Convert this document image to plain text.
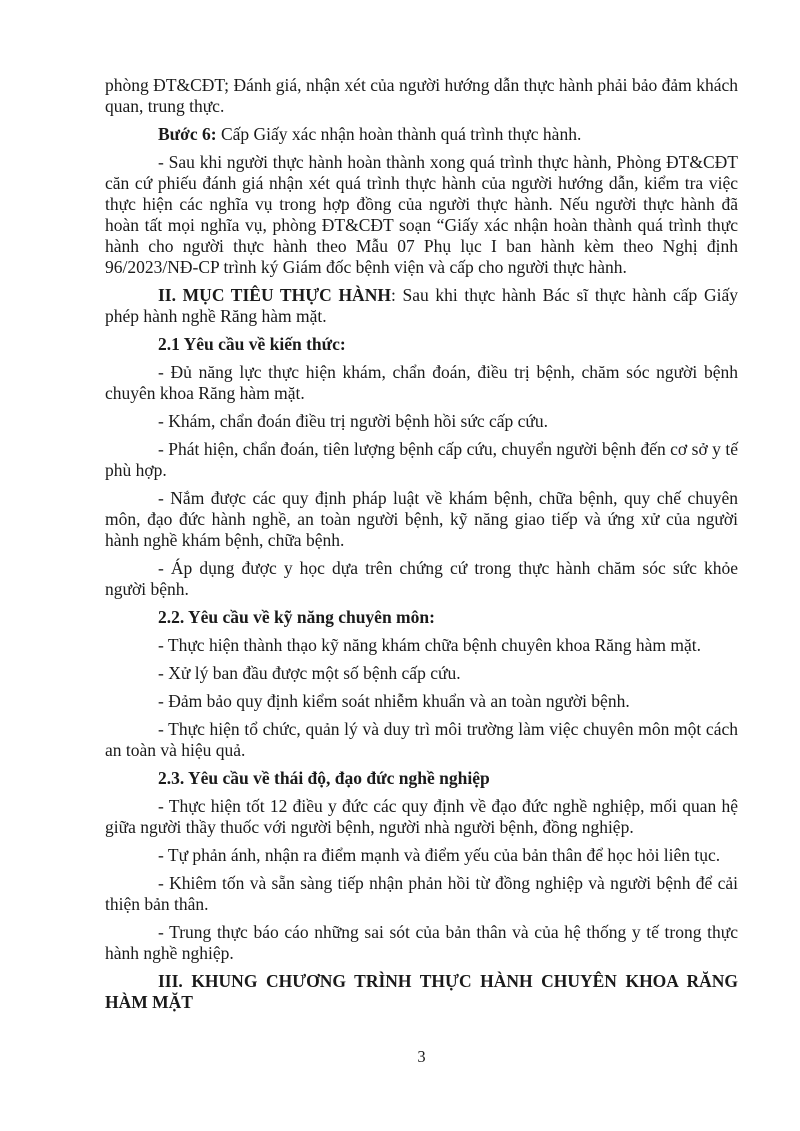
phòng ĐT&CĐT; Đánh giá, nhận xét của người hướng dẫn thực hành phải bảo đảm khách quan, trung thực.

Bước 6: Cấp Giấy xác nhận hoàn thành quá trình thực hành.

- Sau khi người thực hành hoàn thành xong quá trình thực hành, Phòng ĐT&CĐT căn cứ phiếu đánh giá nhận xét quá trình thực hành của người hướng dẫn, kiểm tra việc thực hiện các nghĩa vụ trong hợp đồng của người thực hành. Nếu người thực hành đã hoàn tất mọi nghĩa vụ, phòng ĐT&CĐT soạn “Giấy xác nhận hoàn thành quá trình thực hành cho người thực hành theo Mẫu 07 Phụ lục I ban hành kèm theo Nghị định 96/2023/NĐ-CP trình ký Giám đốc bệnh viện và cấp cho người thực hành.

II. MỤC TIÊU THỰC HÀNH: Sau khi thực hành Bác sĩ thực hành cấp Giấy phép hành nghề Răng hàm mặt.

2.1 Yêu cầu về kiến thức:

- Đủ năng lực thực hiện khám, chẩn đoán, điều trị bệnh, chăm sóc người bệnh chuyên khoa Răng hàm mặt.

- Khám, chẩn đoán điều trị người bệnh hồi sức cấp cứu.

- Phát hiện, chẩn đoán, tiên lượng bệnh cấp cứu, chuyển người bệnh đến cơ sở y tế phù hợp.

- Nắm được các quy định pháp luật về khám bệnh, chữa bệnh, quy chế chuyên môn, đạo đức hành nghề, an toàn người bệnh, kỹ năng giao tiếp và ứng xử của người hành nghề khám bệnh, chữa bệnh.

- Áp dụng được y học dựa trên chứng cứ trong thực hành chăm sóc sức khỏe người bệnh.

2.2. Yêu cầu về kỹ năng chuyên môn:

- Thực hiện thành thạo kỹ năng khám chữa bệnh chuyên khoa Răng hàm mặt.

- Xử lý ban đầu được một số bệnh cấp cứu.

- Đảm bảo quy định kiểm soát nhiễm khuẩn và an toàn người bệnh.

- Thực hiện tổ chức, quản lý và duy trì môi trường làm việc chuyên môn một cách an toàn và hiệu quả.

2.3. Yêu cầu về thái độ, đạo đức nghề nghiệp

- Thực hiện tốt 12 điều y đức các quy định về đạo đức nghề nghiệp, mối quan hệ giữa người thầy thuốc với người bệnh, người nhà người bệnh, đồng nghiệp.

- Tự phản ánh, nhận ra điểm mạnh và điểm yếu của bản thân để học hỏi liên tục.

- Khiêm tốn và sẵn sàng tiếp nhận phản hồi từ đồng nghiệp và người bệnh để cải thiện bản thân.

- Trung thực báo cáo những sai sót của bản thân và của hệ thống y tế trong thực hành nghề nghiệp.

III. KHUNG CHƯƠNG TRÌNH THỰC HÀNH CHUYÊN KHOA RĂNG HÀM MẶT

3
